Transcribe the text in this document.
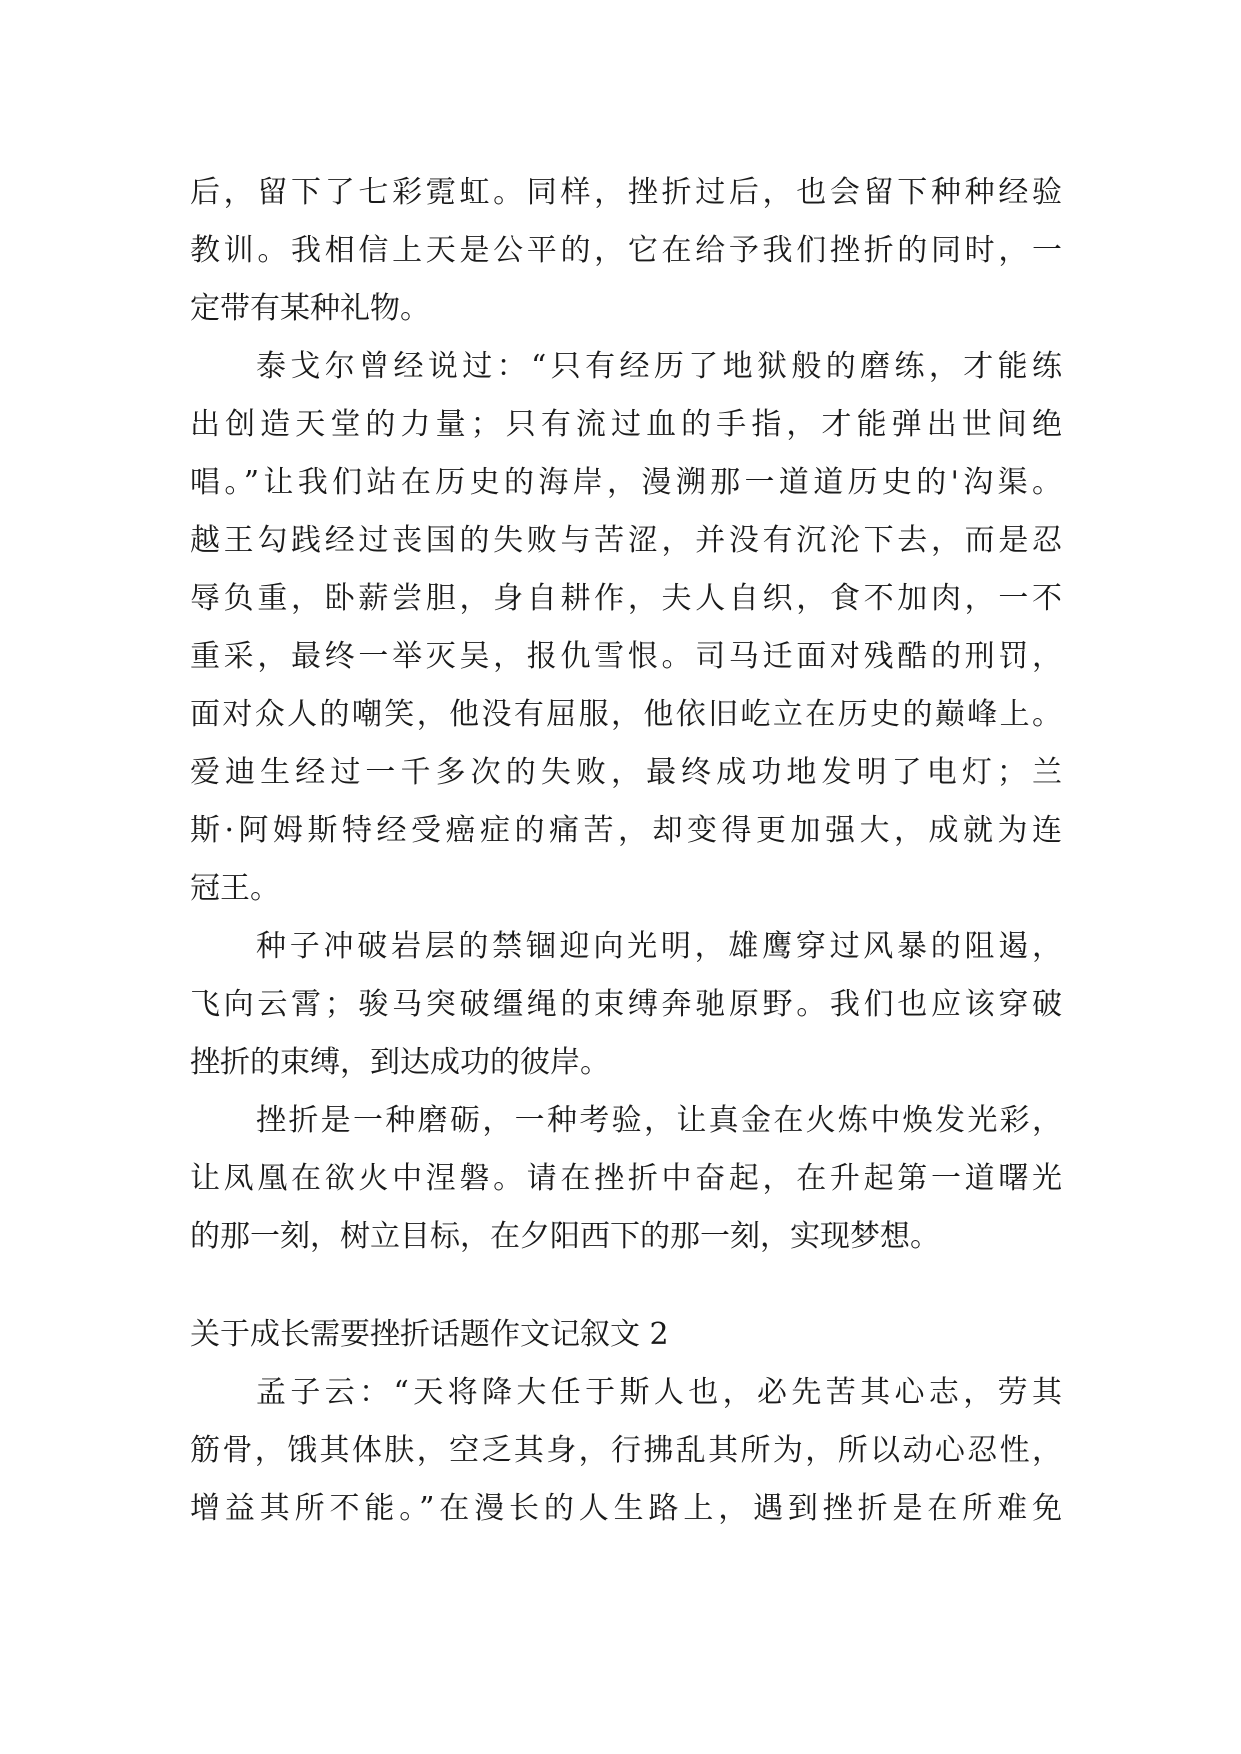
后，留下了七彩霓虹。同样，挫折过后，也会留下种种经验
教训。我相信上天是公平的，它在给予我们挫折的同时，一
定带有某种礼物。
泰戈尔曾经说过：“只有经历了地狱般的磨练，才能练
出创造天堂的力量；只有流过血的手指，才能弹出世间绝
唱。”让我们站在历史的海岸，漫溯那一道道历史的'沟渠。
越王勾践经过丧国的失败与苦涩，并没有沉沦下去，而是忍
辱负重，卧薪尝胆，身自耕作，夫人自织，食不加肉，一不
重采，最终一举灭吴，报仇雪恨。司马迁面对残酷的刑罚，
面对众人的嘲笑，他没有屈服，他依旧屹立在历史的巅峰上。
爱迪生经过一千多次的失败，最终成功地发明了电灯；兰
斯·阿姆斯特经受癌症的痛苦，却变得更加强大，成就为连
冠王。
种子冲破岩层的禁锢迎向光明，雄鹰穿过风暴的阻遏，
飞向云霄；骏马突破缰绳的束缚奔驰原野。我们也应该穿破
挫折的束缚，到达成功的彼岸。
挫折是一种磨砺，一种考验，让真金在火炼中焕发光彩，
让凤凰在欲火中涅磐。请在挫折中奋起，在升起第一道曙光
的那一刻，树立目标，在夕阳西下的那一刻，实现梦想。
关于成长需要挫折话题作文记叙文 2
孟子云：“天将降大任于斯人也，必先苦其心志，劳其
筋骨，饿其体肤，空乏其身，行拂乱其所为，所以动心忍性，
增益其所不能。”在漫长的人生路上，遇到挫折是在所难免
